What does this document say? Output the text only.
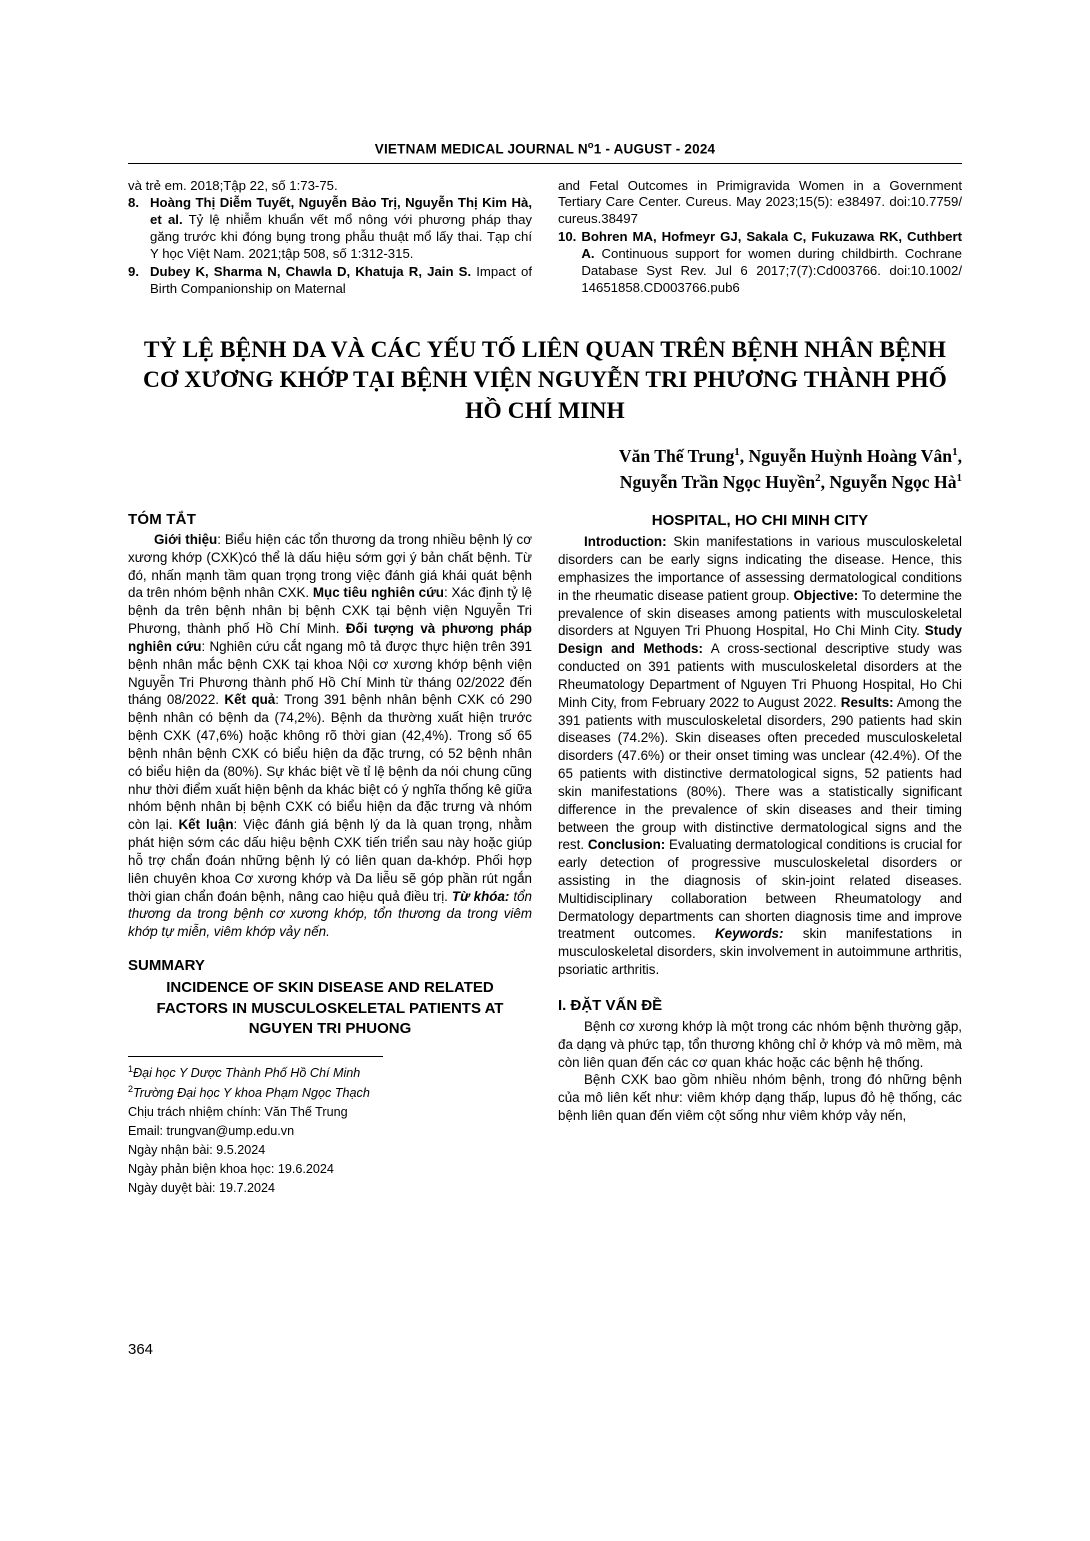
VIETNAM MEDICAL JOURNAL $N^o1$ - AUGUST - 2024
và trẻ em. 2018;Tập 22, số 1:73-75.
8. Hoàng Thị Diễm Tuyết, Nguyễn Bảo Trị, Nguyễn Thị Kim Hà, et al. Tỷ lệ nhiễm khuẩn vết mổ nông với phương pháp thay găng trước khi đóng bụng trong phẫu thuật mổ lấy thai. Tạp chí Y học Việt Nam. 2021;tập 508, số 1:312-315.
9. Dubey K, Sharma N, Chawla D, Khatuja R, Jain S. Impact of Birth Companionship on Maternal
and Fetal Outcomes in Primigravida Women in a Government Tertiary Care Center. Cureus. May 2023;15(5): e38497. doi:10.7759/ cureus.38497
10. Bohren MA, Hofmeyr GJ, Sakala C, Fukuzawa RK, Cuthbert A. Continuous support for women during childbirth. Cochrane Database Syst Rev. Jul 6 2017;7(7):Cd003766. doi:10.1002/ 14651858.CD003766.pub6
TỶ LỆ BỆNH DA VÀ CÁC YẾU TỐ LIÊN QUAN TRÊN BỆNH NHÂN BỆNH CƠ XƯƠNG KHỚP TẠI BỆNH VIỆN NGUYỄN TRI PHƯƠNG THÀNH PHỐ HỒ CHÍ MINH
Văn Thế Trung$^1$, Nguyễn Huỳnh Hoàng Vân$^1$,
Nguyễn Trần Ngọc Huyền$^2$, Nguyễn Ngọc $Hà^1$
TÓM TẮT

Giới thiệu: Biểu hiện các tổn thương da trong nhiều bệnh lý cơ xương khớp (CXK)có thể là dấu hiệu sớm gợi ý bản chất bệnh. Từ đó, nhấn mạnh tầm quan trọng trong việc đánh giá khái quát bệnh da trên nhóm bệnh nhân CXK. Mục tiêu nghiên cứu: Xác định tỷ lệ bệnh da trên bệnh nhân bị bệnh CXK tại bệnh viện Nguyễn Tri Phương, thành phố Hồ Chí Minh. Đối tượng và phương pháp nghiên cứu: Nghiên cứu cắt ngang mô tả được thực hiện trên 391 bệnh nhân mắc bệnh CXK tại khoa Nội cơ xương khớp bệnh viện Nguyễn Tri Phương thành phố Hồ Chí Minh từ tháng 02/2022 đến tháng 08/2022. Kết quả: Trong 391 bệnh nhân bệnh CXK có 290 bệnh nhân có bệnh da (74,2%). Bệnh da thường xuất hiện trước bệnh CXK (47,6%) hoặc không rõ thời gian (42,4%). Trong số 65 bệnh nhân bệnh CXK có biểu hiện da đặc trưng, có 52 bệnh nhân có biểu hiện da (80%). Sự khác biệt về tỉ lệ bệnh da nói chung cũng như thời điểm xuất hiện bệnh da khác biệt có ý nghĩa thống kê giữa nhóm bệnh nhân bị bệnh CXK có biểu hiện da đặc trưng và nhóm còn lại. Kết luận: Việc đánh giá bệnh lý da là quan trọng, nhằm phát hiện sớm các dấu hiệu bệnh CXK tiến triển sau này hoặc giúp hỗ trợ chẩn đoán những bệnh lý có liên quan da-khớp. Phối hợp liên chuyên khoa Cơ xương khớp và Da liễu sẽ góp phần rút ngắn thời gian chẩn đoán bệnh, nâng cao hiệu quả điều trị. Từ khóa: tổn thương da trong bệnh cơ xương khớp, tổn thương da trong viêm khớp tự miễn, viêm khớp vảy nến.

SUMMARY
INCIDENCE OF SKIN DISEASE AND RELATED FACTORS IN MUSCULOSKELETAL PATIENTS AT NGUYEN TRI PHUONG
$^1$Đại học Y Dược Thành Phố Hồ Chí Minh
$^2$Trường Đại học Y khoa Phạm Ngọc Thạch
Chịu trách nhiệm chính: Văn Thế Trung
Email: trungvan@ump.edu.vn
Ngày nhận bài: 9.5.2024
Ngày phản biện khoa học: 19.6.2024
Ngày duyệt bài: 19.7.2024
HOSPITAL, HO CHI MINH CITY

Introduction: Skin manifestations in various musculoskeletal disorders can be early signs indicating the disease. Hence, this emphasizes the importance of assessing dermatological conditions in the rheumatic disease patient group. Objective: To determine the prevalence of skin diseases among patients with musculoskeletal disorders at Nguyen Tri Phuong Hospital, Ho Chi Minh City. Study Design and Methods: A cross-sectional descriptive study was conducted on 391 patients with musculoskeletal disorders at the Rheumatology Department of Nguyen Tri Phuong Hospital, Ho Chi Minh City, from February 2022 to August 2022. Results: Among the 391 patients with musculoskeletal disorders, 290 patients had skin diseases (74.2%). Skin diseases often preceded musculoskeletal disorders (47.6%) or their onset timing was unclear (42.4%). Of the 65 patients with distinctive dermatological signs, 52 patients had skin manifestations (80%). There was a statistically significant difference in the prevalence of skin diseases and their timing between the group with distinctive dermatological signs and the rest. Conclusion: Evaluating dermatological conditions is crucial for early detection of progressive musculoskeletal disorders or assisting in the diagnosis of skin-joint related diseases. Multidisciplinary collaboration between Rheumatology and Dermatology departments can shorten diagnosis time and improve treatment outcomes. Keywords: skin manifestations in musculoskeletal disorders, skin involvement in autoimmune arthritis, psoriatic arthritis.

I. ĐẶT VẤN ĐỀ

Bệnh cơ xương khớp là một trong các nhóm bệnh thường gặp, đa dạng và phức tạp, tổn thương không chỉ ở khớp và mô mềm, mà còn liên quan đến các cơ quan khác hoặc các bệnh hệ thống.

Bệnh CXK bao gồm nhiều nhóm bệnh, trong đó những bệnh của mô liên kết như: viêm khớp dạng thấp, lupus đỏ hệ thống, các bệnh liên quan đến viêm cột sống như viêm khớp vảy nến,

364
